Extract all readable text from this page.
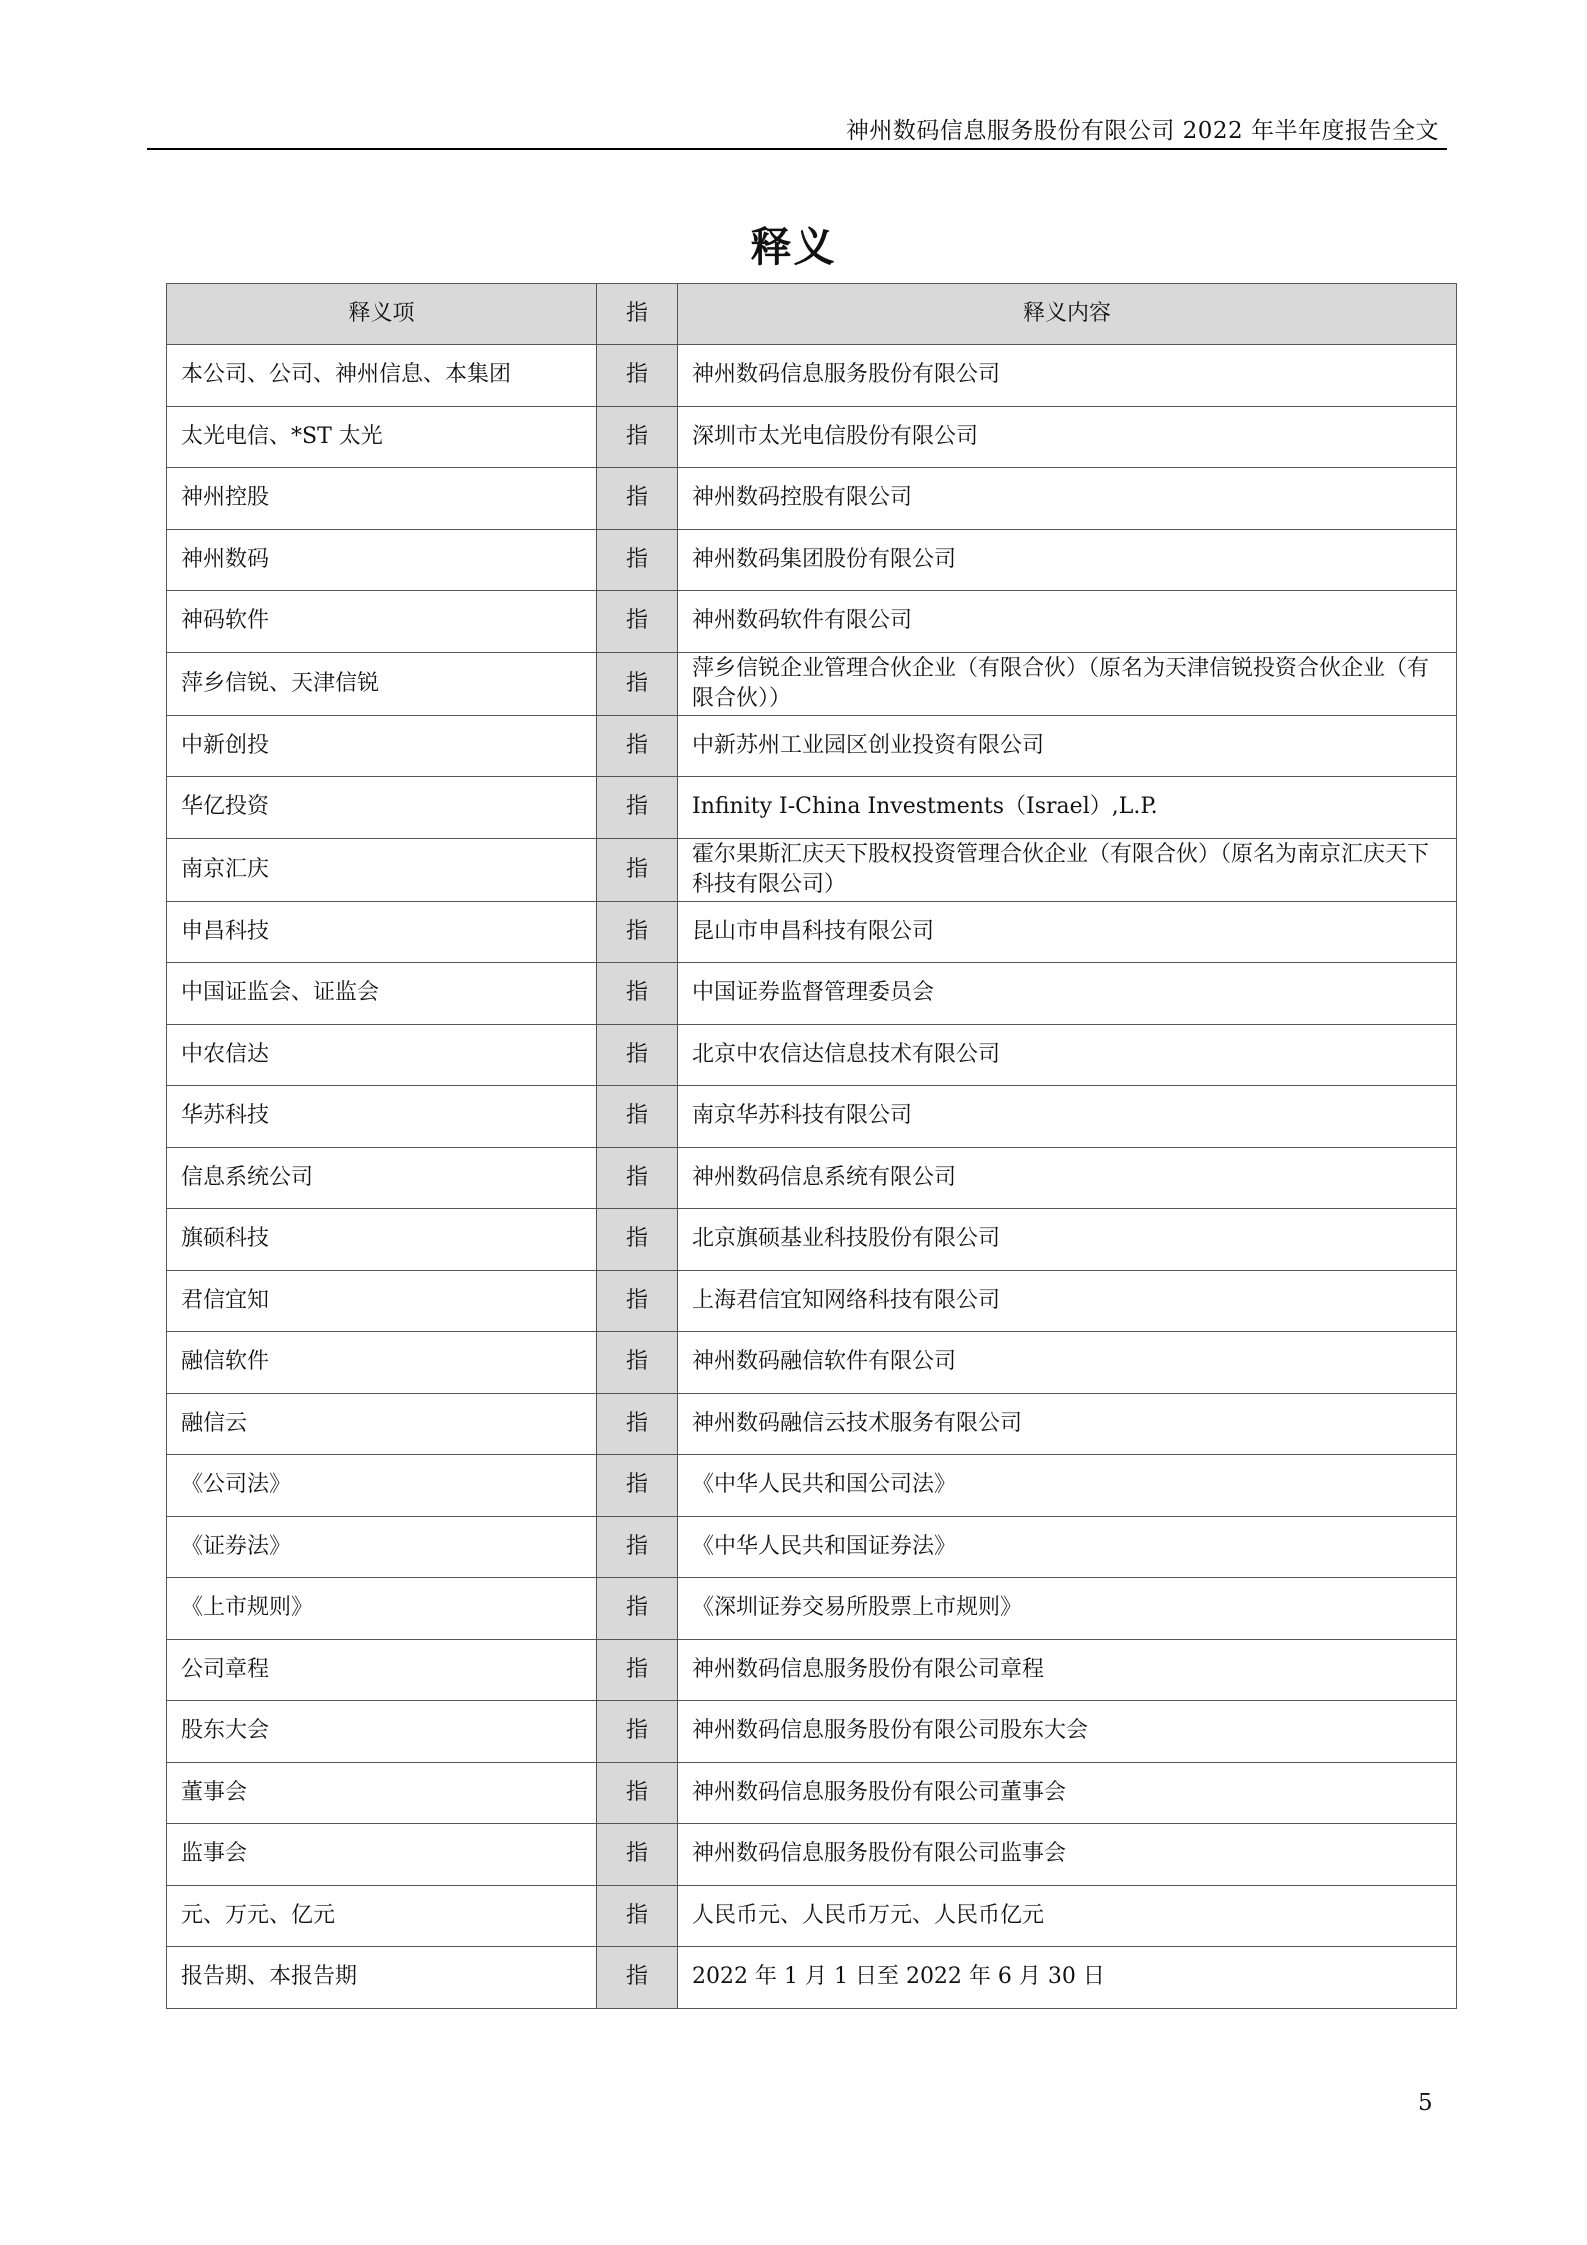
神州数码信息服务股份有限公司 2022 年半年度报告全文
释义
释义项	指	释义内容
本公司、公司、神州信息、本集团	指	神州数码信息服务股份有限公司
太光电信、*ST 太光	指	深圳市太光电信股份有限公司
神州控股	指	神州数码控股有限公司
神州数码	指	神州数码集团股份有限公司
神码软件	指	神州数码软件有限公司
萍乡信锐、天津信锐	指	萍乡信锐企业管理合伙企业（有限合伙）（原名为天津信锐投资合伙企业（有限合伙））
中新创投	指	中新苏州工业园区创业投资有限公司
华亿投资	指	Infinity I-China Investments（Israel）,L.P.
南京汇庆	指	霍尔果斯汇庆天下股权投资管理合伙企业（有限合伙）（原名为南京汇庆天下科技有限公司）
申昌科技	指	昆山市申昌科技有限公司
中国证监会、证监会	指	中国证券监督管理委员会
中农信达	指	北京中农信达信息技术有限公司
华苏科技	指	南京华苏科技有限公司
信息系统公司	指	神州数码信息系统有限公司
旗硕科技	指	北京旗硕基业科技股份有限公司
君信宜知	指	上海君信宜知网络科技有限公司
融信软件	指	神州数码融信软件有限公司
融信云	指	神州数码融信云技术服务有限公司
《公司法》	指	《中华人民共和国公司法》
《证券法》	指	《中华人民共和国证券法》
《上市规则》	指	《深圳证券交易所股票上市规则》
公司章程	指	神州数码信息服务股份有限公司章程
股东大会	指	神州数码信息服务股份有限公司股东大会
董事会	指	神州数码信息服务股份有限公司董事会
监事会	指	神州数码信息服务股份有限公司监事会
元、万元、亿元	指	人民币元、人民币万元、人民币亿元
报告期、本报告期	指	2022 年 1 月 1 日至 2022 年 6 月 30 日
5
